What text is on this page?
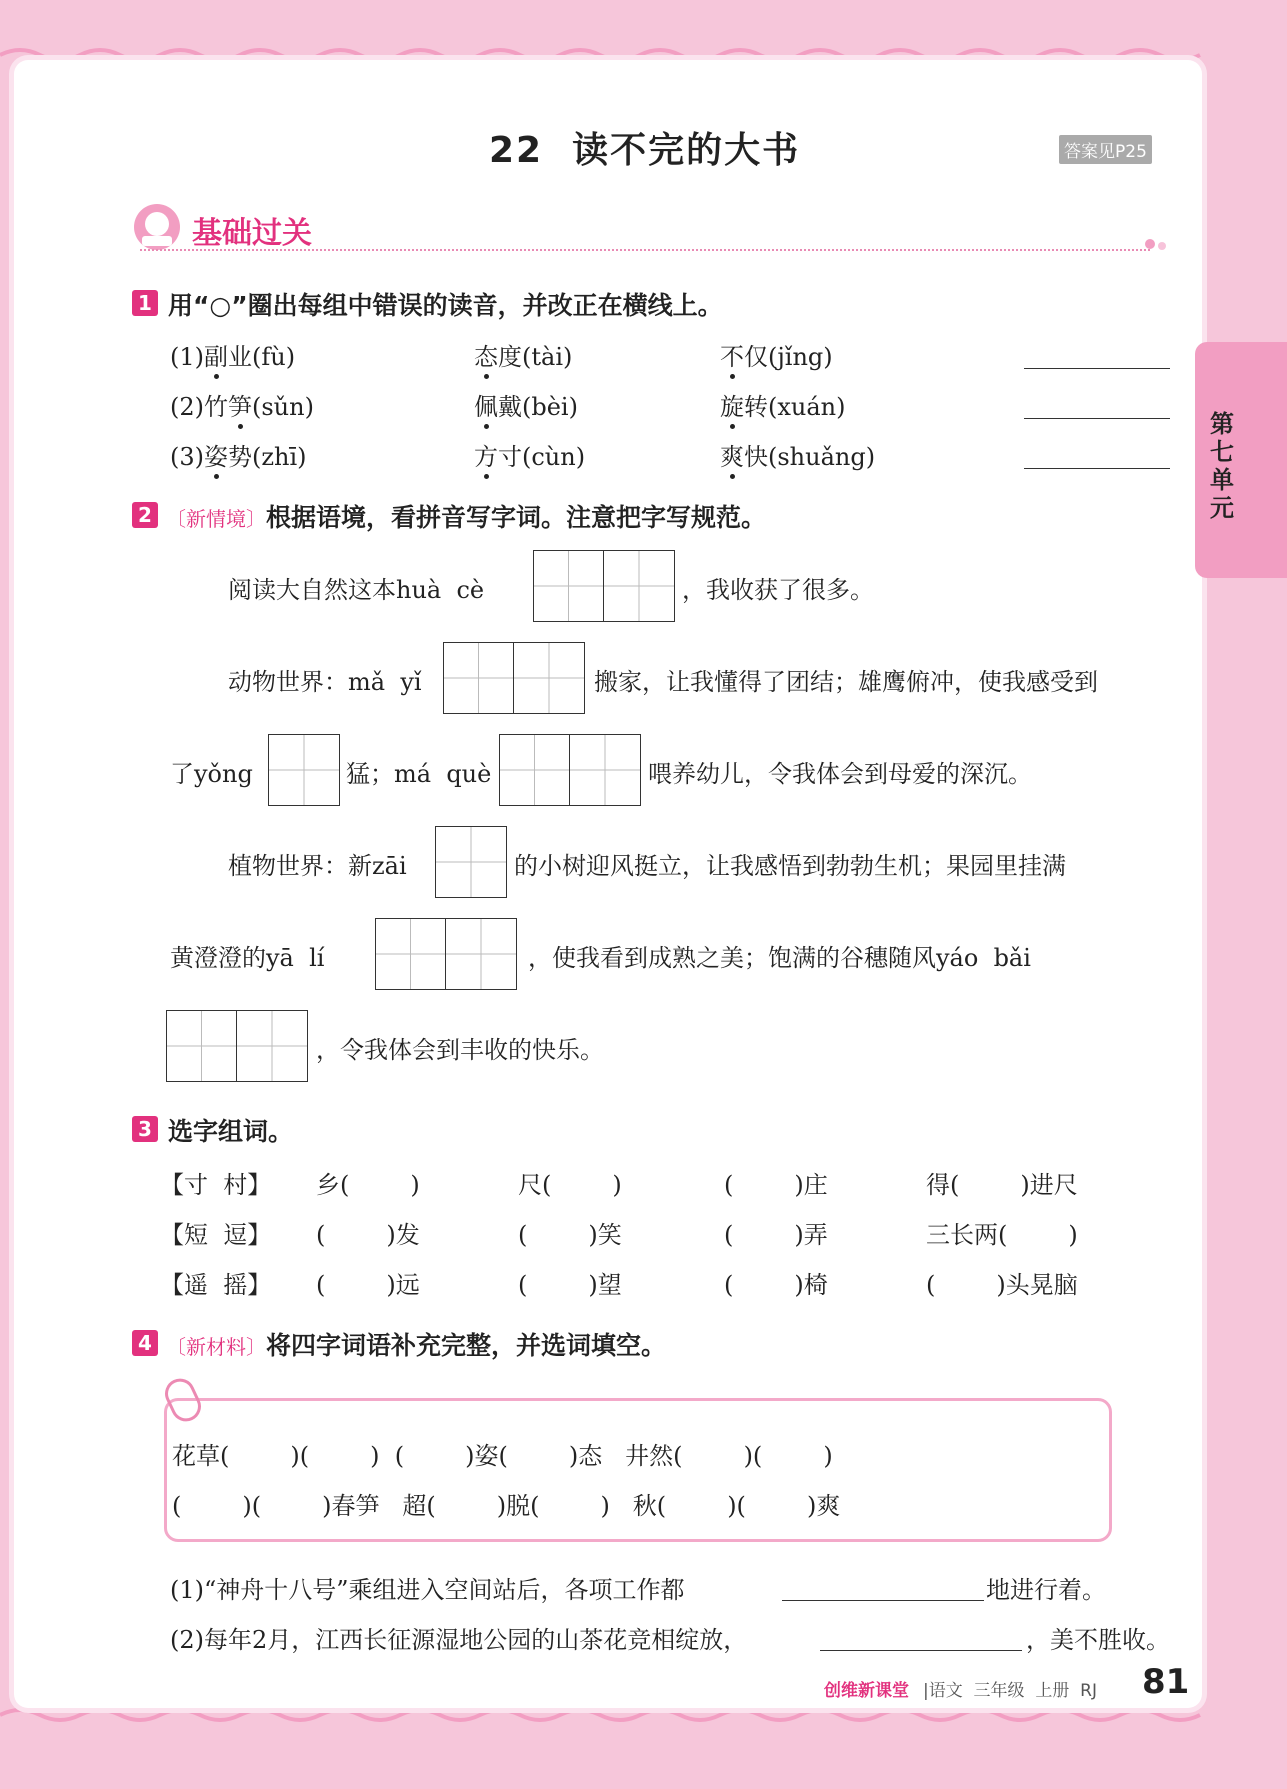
22  读不完的大书	答案见P25
基础过关
第七单元
1 用“○”圈出每组中错误的读音，并改正在横线上。
(1)副业(fù)	态度(tài)	不仅(jǐng)
(2)竹笋(sǔn)	佩戴(bèi)	旋转(xuán)
(3)姿势(zhī)	方寸(cùn)	爽快(shuǎng)
2 〔新情境〕根据语境，看拼音写字词。注意把字写规范。
阅读大自然这本huà  cè	，我收获了很多。
动物世界：mǎ  yǐ	搬家，让我懂得了团结；雄鹰俯冲，使我感受到
了yǒng	猛；má  què	喂养幼儿，令我体会到母爱的深沉。
植物世界：新zāi	的小树迎风挺立，让我感悟到勃勃生机；果园里挂满
黄澄澄的yā  lí	，使我看到成熟之美；饱满的谷穗随风yáo  bǎi
，令我体会到丰收的快乐。
3 选字组词。
【寸  村】 乡(        )	尺(        )	(        )庄	得(        )进尺
【短  逗】 (        )发	(        )笑	(        )弄	三长两(        )
【遥  摇】 (        )远	(        )望	(        )椅	(        )头晃脑
4 〔新材料〕将四字词语补充完整，并选词填空。
花草(        )(        )  (        )姿(        )态   井然(        )(        )
(        )(        )春笋   超(        )脱(        )   秋(        )(        )爽
(1)“神舟十八号”乘组进入空间站后，各项工作都	地进行着。
(2)每年2月，江西长征源湿地公园的山茶花竞相绽放，	，美不胜收。
创维新课堂 |语文  三年级  上册  RJ 81
